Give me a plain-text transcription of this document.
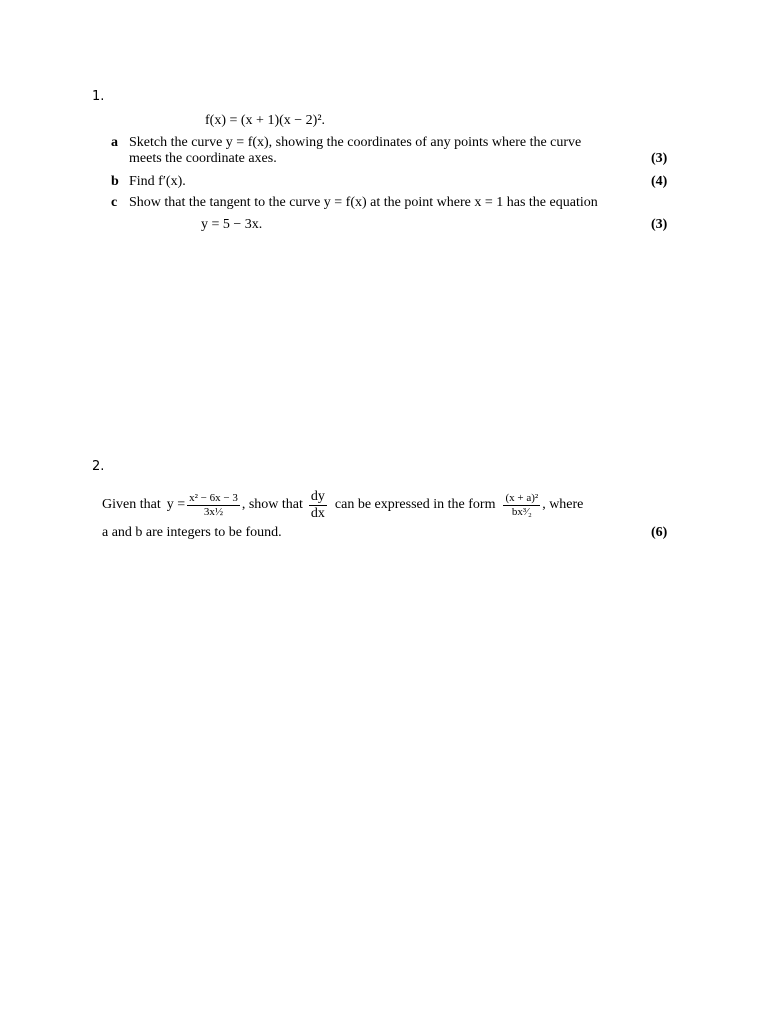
1.
f(x) = (x + 1)(x − 2)².
a Sketch the curve y = f(x), showing the coordinates of any points where the curve
meets the coordinate axes.	(3)
b Find f′(x).	(4)
c Show that the tangent to the curve y = f(x) at the point where x = 1 has the equation
y = 5 − 3x.	(3)
2.
Given that $y = \frac{\text{x² − 6x − 3}}{\text{3x½}}$ , show that $\frac{dy}{dx}$ can be expressed in the form $\frac{\text{(x + a)²}}{\text{bx³⁄₂}}$ , where
a and b are integers to be found.	(6)
